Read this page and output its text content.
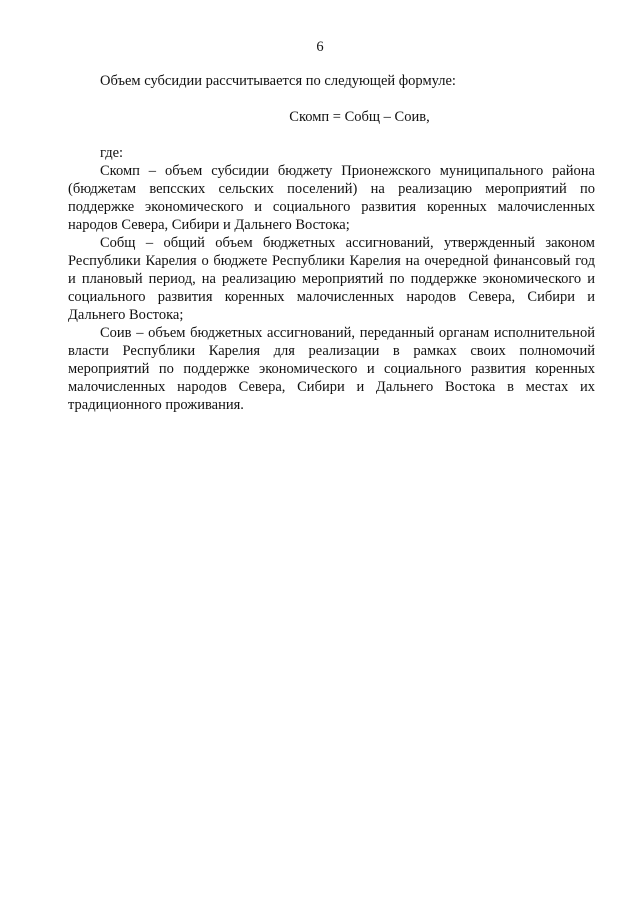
6

Объем субсидии рассчитывается по следующей формуле:

Скомп = Собщ – Соив,

где:

Скомп – объем субсидии бюджету Прионежского муниципального района (бюджетам вепсских сельских поселений) на реализацию мероприятий по поддержке экономического и социального развития коренных малочисленных народов Севера, Сибири и Дальнего Востока;

Собщ – общий объем бюджетных ассигнований, утвержденный законом Республики Карелия о бюджете Республики Карелия на очередной финансовый год и плановый период, на реализацию мероприятий по поддержке экономического и социального развития коренных малочисленных народов Севера, Сибири и Дальнего Востока;

Соив – объем бюджетных ассигнований, переданный органам исполнительной власти Республики Карелия для реализации в рамках своих полномочий мероприятий по поддержке экономического и социального развития коренных малочисленных народов Севера, Сибири и Дальнего Востока в местах их традиционного проживания.
